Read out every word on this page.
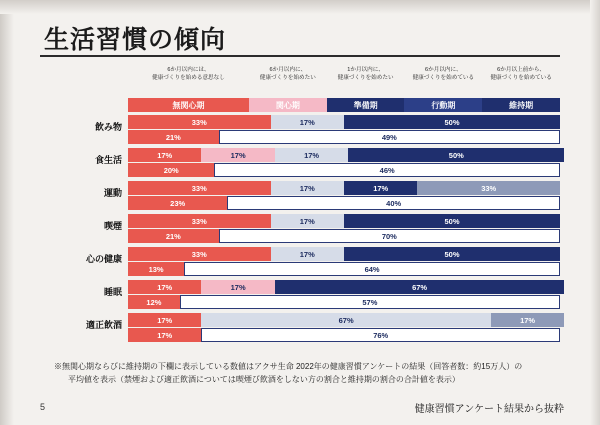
生活習慣の傾向
6か月以内には、
健康づくりを始める意思なし
6か月以内に、
健康づくりを始めたい
1か月以内に、
健康づくりを始めたい
6か月以内に、
健康づくりを始めている
6か月以上前から、
健康づくりを始めている
無関心期	関心期	準備期	行動期	維持期
飲み物	33%	17%	50%
21%	49%
食生活	17%	17%	17%	50%
20%	46%
運動	33%	17%	17%	33%
23%	40%
喫煙	33%	17%	50%
21%	70%
心の健康	33%	17%	50%
13%	64%
睡眠	17%	17%	67%
12%	57%
適正飲酒	17%	67%	17%
17%	76%
※無関心期ならびに維持期の下欄に表示している数値はアクサ生命 2022年の健康習慣アンケートの結果（回答者数：約15万人）の
平均値を表示（禁煙および適正飲酒については喫煙び飲酒をしない方の割合と維持期の割合の合計値を表示）
5	健康習慣アンケート結果から抜粋
